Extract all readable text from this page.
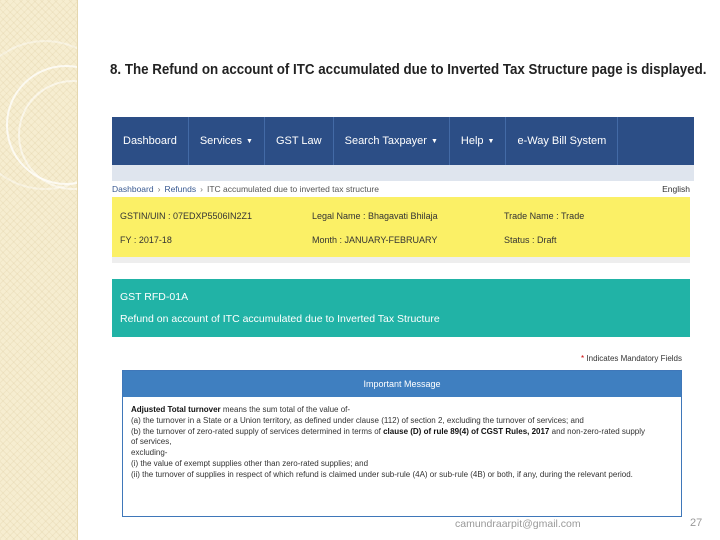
8. The Refund on account of ITC accumulated due to Inverted Tax Structure page is displayed.
Dashboard Services ▼ GST Law Search Taxpayer ▼ Help ▼ e-Way Bill System
Dashboard › Refunds › ITC accumulated due to inverted tax structure	English
GSTIN/UIN : 07EDXP5506IN2Z1	Legal Name : Bhagavati Bhilaja	Trade Name : Trade
FY : 2017-18	Month : JANUARY-FEBRUARY	Status : Draft
GST RFD-01A
Refund on account of ITC accumulated due to Inverted Tax Structure
* Indicates Mandatory Fields
Important Message

Adjusted Total turnover means the sum total of the value of-

(a) the turnover in a State or a Union territory, as defined under clause (112) of section 2, excluding the turnover of services; and

(b) the turnover of zero-rated supply of services determined in terms of clause (D) of rule 89(4) of CGST Rules, 2017 and non-zero-rated supply

of services,

excluding-

(i) the value of exempt supplies other than zero-rated supplies; and

(ii) the turnover of supplies in respect of which refund is claimed under sub-rule (4A) or sub-rule (4B) or both, if any, during the relevant period.

camundraarpit@gmail.com	27
